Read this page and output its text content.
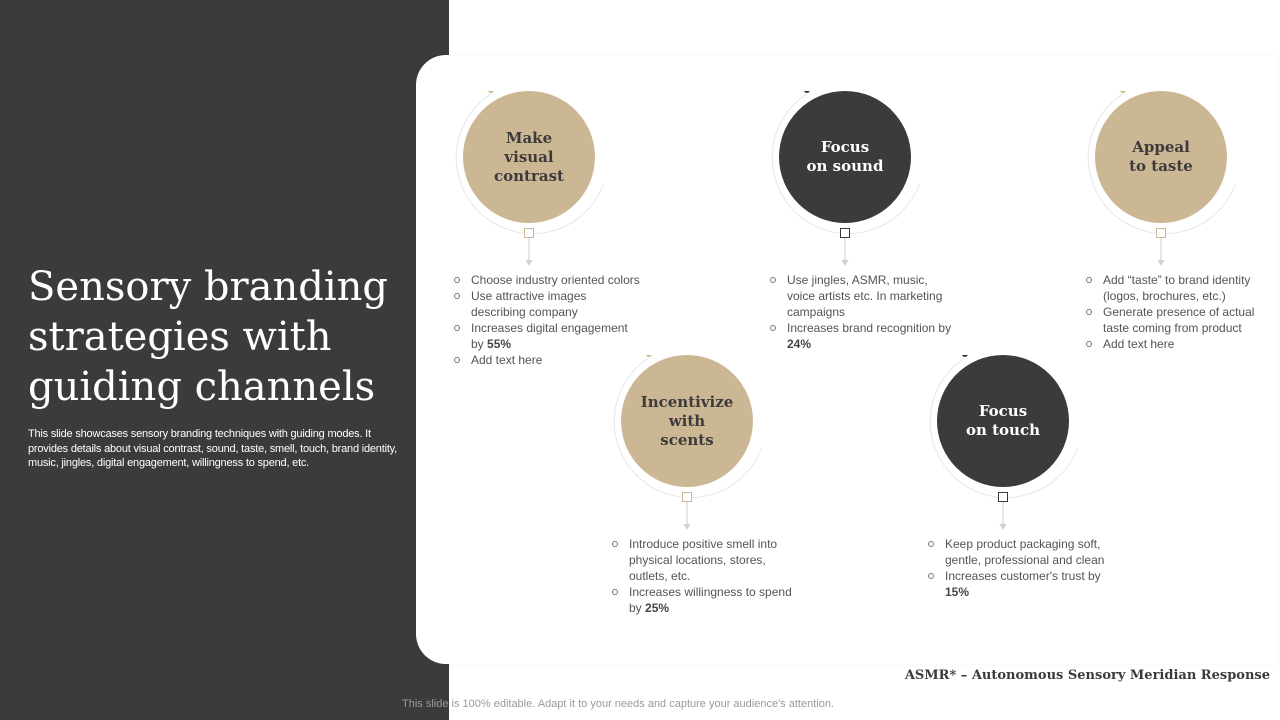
Sensory branding
strategies with
guiding channels

This slide showcases sensory branding techniques with guiding modes. It provides details about visual contrast, sound, taste, smell, touch, brand identity, music, jingles, digital engagement, willingness to spend, etc.

Make
visual
contrast
Choose industry oriented colors
Use attractive images describing company
Increases digital engagement by 55%
Add text here
Incentivize
with
scents
Introduce positive smell into physical locations, stores, outlets, etc.
Increases willingness to spend by 25%
Focus
on sound
Use jingles, ASMR, music, voice artists etc. In marketing campaigns
Increases brand recognition by 24%
Focus
on touch
Keep product packaging soft, gentle, professional and clean
Increases customer's trust by 15%
Appeal
to taste
Add “taste” to brand identity (logos, brochures, etc.)
Generate presence of actual taste coming from product
Add text here

ASMR* – Autonomous Sensory Meridian Response

This slide is 100% editable. Adapt it to your needs and capture your audience's attention.
